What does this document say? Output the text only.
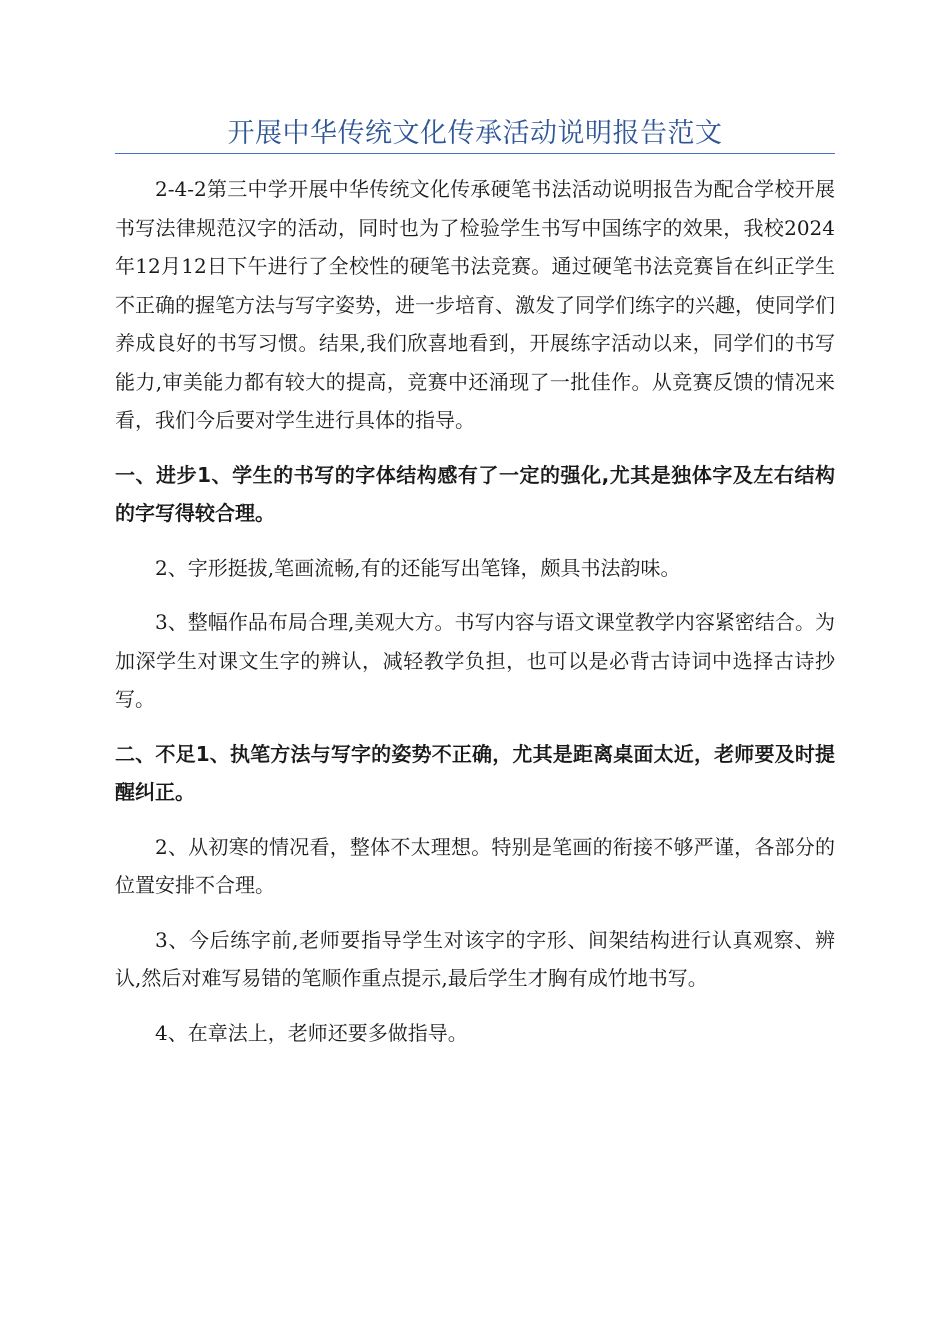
开展中华传统文化传承活动说明报告范文

2-4-2第三中学开展中华传统文化传承硬笔书法活动说明报告为配合学校开展书写法律规范汉字的活动，同时也为了检验学生书写中国练字的效果，我校2024年12月12日下午进行了全校性的硬笔书法竞赛。通过硬笔书法竞赛旨在纠正学生不正确的握笔方法与写字姿势，进一步培育、激发了同学们练字的兴趣，使同学们养成良好的书写习惯。结果,我们欣喜地看到，开展练字活动以来，同学们的书写能力,审美能力都有较大的提高，竞赛中还涌现了一批佳作。从竞赛反馈的情况来看，我们今后要对学生进行具体的指导。

一、进步1、学生的书写的字体结构感有了一定的强化,尤其是独体字及左右结构的字写得较合理。

2、字形挺拔,笔画流畅,有的还能写出笔锋，颇具书法韵味。

3、整幅作品布局合理,美观大方。书写内容与语文课堂教学内容紧密结合。为加深学生对课文生字的辨认，减轻教学负担，也可以是必背古诗词中选择古诗抄写。

二、不足1、执笔方法与写字的姿势不正确，尤其是距离桌面太近，老师要及时提醒纠正。

2、从初寒的情况看，整体不太理想。特别是笔画的衔接不够严谨，各部分的位置安排不合理。

3、今后练字前,老师要指导学生对该字的字形、间架结构进行认真观察、辨认,然后对难写易错的笔顺作重点提示,最后学生才胸有成竹地书写。

4、在章法上，老师还要多做指导。
